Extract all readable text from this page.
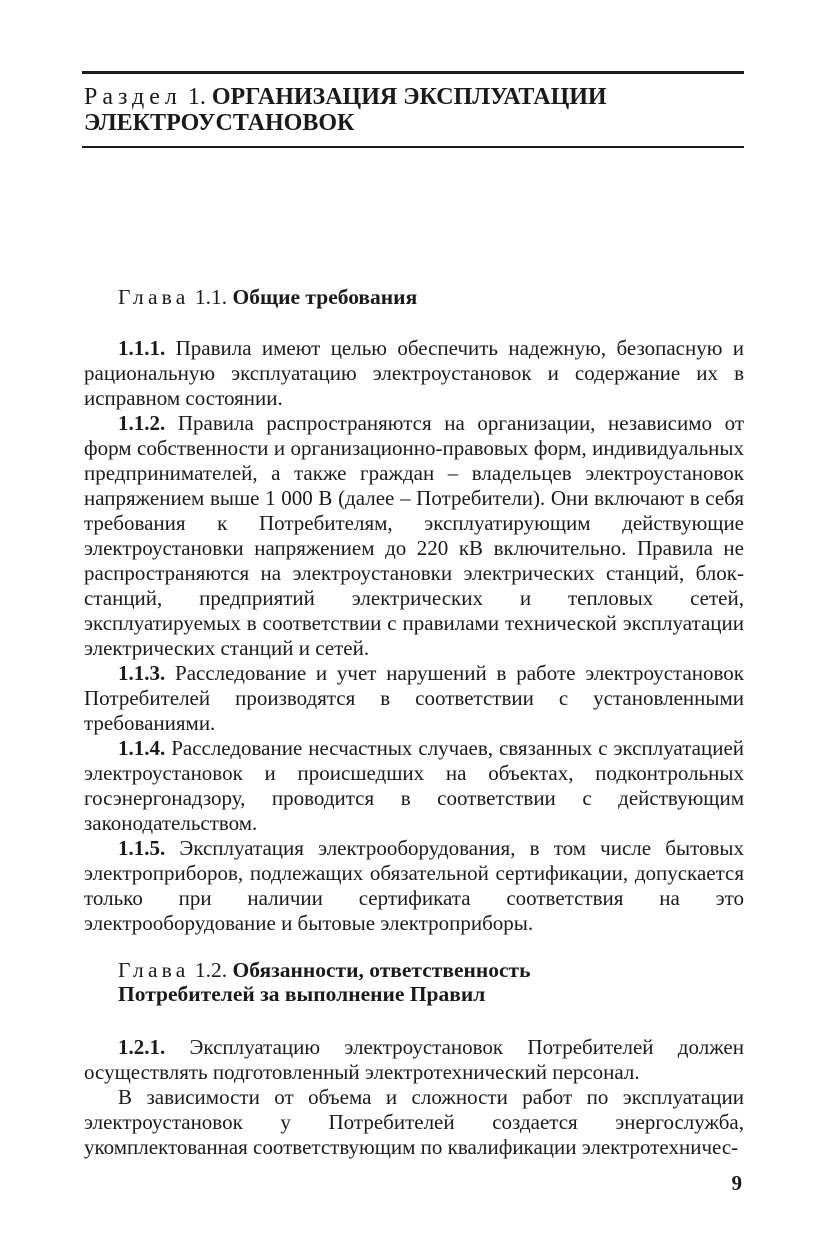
Раздел 1. ОРГАНИЗАЦИЯ ЭКСПЛУАТАЦИИ
ЭЛЕКТРОУСТАНОВОК
Глава 1.1. Общие требования

1.1.1. Правила имеют целью обеспечить надежную, безопасную и рациональную эксплуатацию электроустановок и содержание их в исправном состоянии.

1.1.2. Правила распространяются на организации, независимо от форм собственности и организационно-правовых форм, индивидуальных предпринимателей, а также граждан – владельцев электроустановок напряжением выше 1 000 В (далее – Потребители). Они включают в себя требования к Потребителям, эксплуатирующим действующие электроустановки напряжением до 220 кВ включительно. Правила не распространяются на электроустановки электрических станций, блок-станций, предприятий электрических и тепловых сетей, эксплуатируемых в соответствии с правилами технической эксплуатации электрических станций и сетей.

1.1.3. Расследование и учет нарушений в работе электроустановок Потребителей производятся в соответствии с установленными требованиями.

1.1.4. Расследование несчастных случаев, связанных с эксплуатацией электроустановок и происшедших на объектах, подконтрольных госэнергонадзору, проводится в соответствии с действующим законодательством.

1.1.5. Эксплуатация электрооборудования, в том числе бытовых электроприборов, подлежащих обязательной сертификации, допускается только при наличии сертификата соответствия на это электрооборудование и бытовые электроприборы.

Глава 1.2. Обязанности, ответственность
Потребителей за выполнение Правил

1.2.1. Эксплуатацию электроустановок Потребителей должен осуществлять подготовленный электротехнический персонал.

В зависимости от объема и сложности работ по эксплуатации электроустановок у Потребителей создается энергослужба, укомплектованная соответствующим по квалификации электротехничес-

9
